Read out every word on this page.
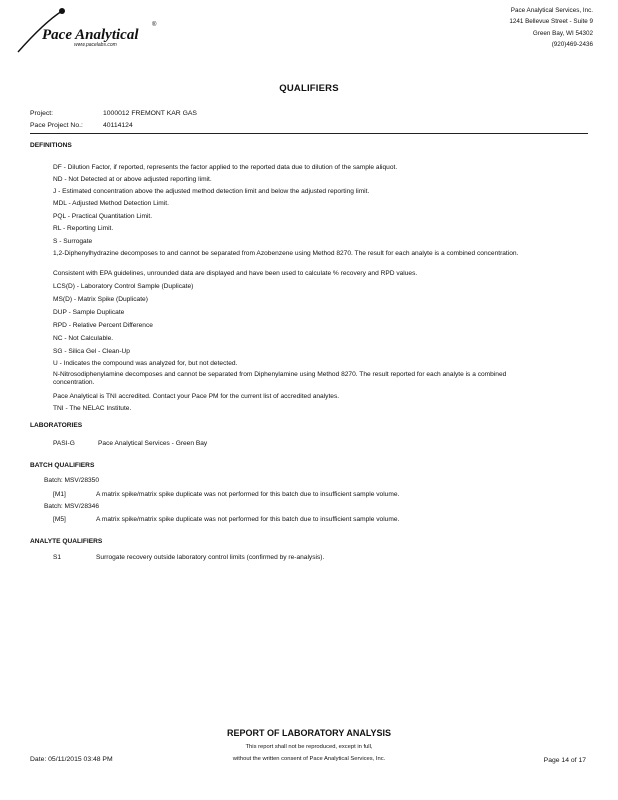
Pace Analytical
®
www.pacelabs.com
Pace Analytical Services, Inc.
1241 Bellevue Street - Suite 9
Green Bay, WI 54302
(920)469-2436
QUALIFIERS
Project:	1000012 FREMONT KAR GAS
Pace Project No.:	40114124
DEFINITIONS
DF - Dilution Factor, if reported, represents the factor applied to the reported data due to dilution of the sample aliquot.
ND - Not Detected at or above adjusted reporting limit.
J - Estimated concentration above the adjusted method detection limit and below the adjusted reporting limit.
MDL - Adjusted Method Detection Limit.
PQL - Practical Quantitation Limit.
RL - Reporting Limit.
S - Surrogate
1,2-Diphenylhydrazine decomposes to and cannot be separated from Azobenzene using Method 8270. The result for each analyte is a combined concentration.
Consistent with EPA guidelines, unrounded data are displayed and have been used to calculate % recovery and RPD values.
LCS(D) - Laboratory Control Sample (Duplicate)
MS(D) - Matrix Spike (Duplicate)
DUP - Sample Duplicate
RPD - Relative Percent Difference
NC - Not Calculable.
SG - Silica Gel - Clean-Up
U - Indicates the compound was analyzed for, but not detected.
N-Nitrosodiphenylamine decomposes and cannot be separated from Diphenylamine using Method 8270. The result reported for each analyte is a combined concentration.
Pace Analytical is TNI accredited. Contact your Pace PM for the current list of accredited analytes.
TNI - The NELAC Institute.
LABORATORIES
PASI-G	Pace Analytical Services - Green Bay
BATCH QUALIFIERS
Batch: MSV/28350
[M1]	A matrix spike/matrix spike duplicate was not performed for this batch due to insufficient sample volume.
Batch: MSV/28346
[M5]	A matrix spike/matrix spike duplicate was not performed for this batch due to insufficient sample volume.
ANALYTE QUALIFIERS
S1	Surrogate recovery outside laboratory control limits (confirmed by re-analysis).
REPORT OF LABORATORY ANALYSIS
This report shall not be reproduced, except in full,
without the written consent of Pace Analytical Services, Inc.
Date: 05/11/2015 03:48 PM	Page 14 of 17
